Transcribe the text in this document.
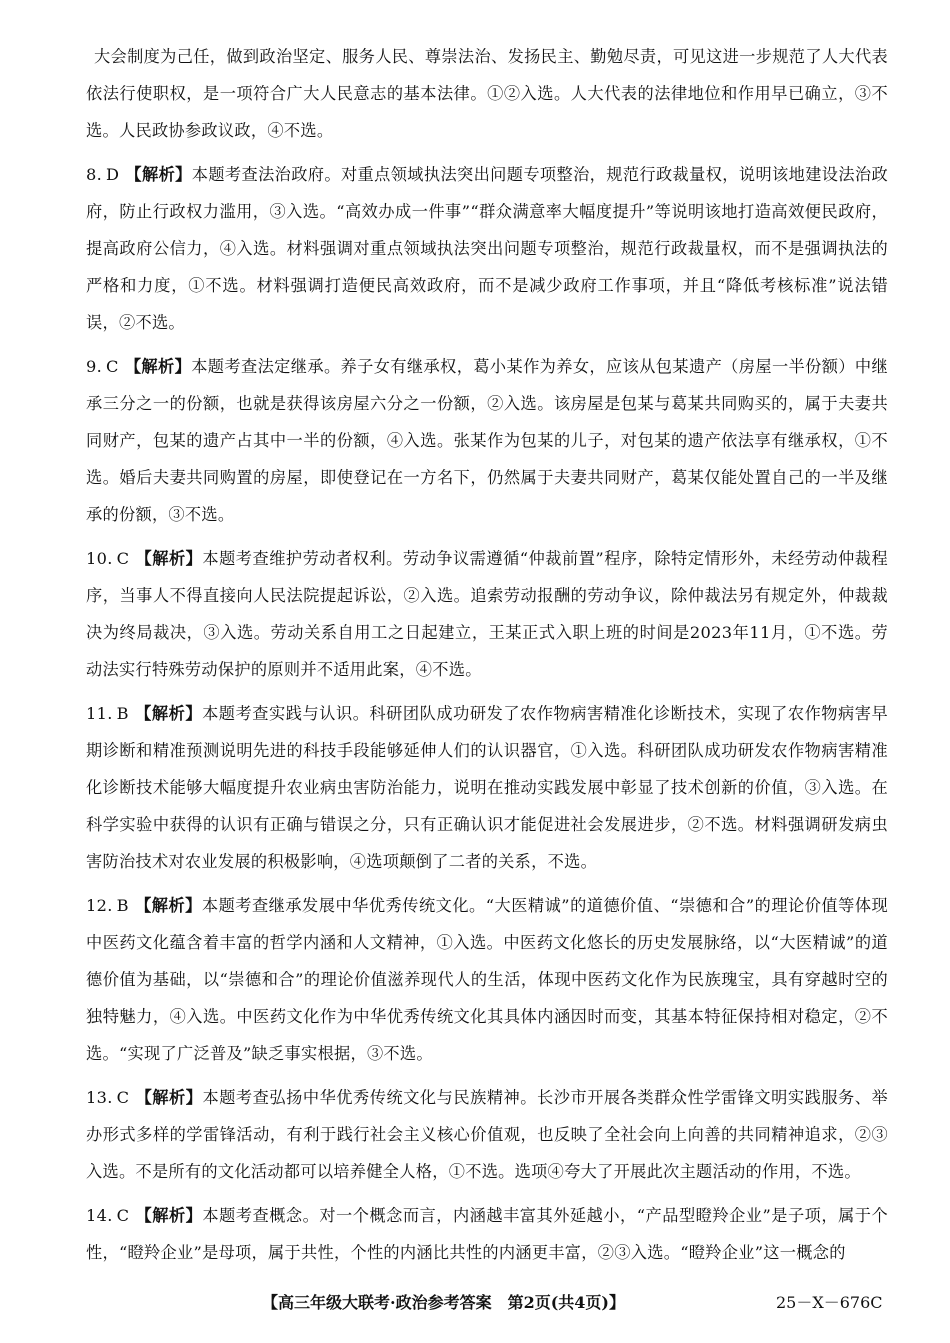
大会制度为己任，做到政治坚定、服务人民、尊崇法治、发扬民主、勤勉尽责，可见这进一步规范了人大代表依法行使职权，是一项符合广大人民意志的基本法律。①②入选。人大代表的法律地位和作用早已确立，③不选。人民政协参政议政，④不选。

8. D 【解析】本题考查法治政府。对重点领域执法突出问题专项整治，规范行政裁量权，说明该地建设法治政府，防止行政权力滥用，③入选。“高效办成一件事”“群众满意率大幅度提升”等说明该地打造高效便民政府，提高政府公信力，④入选。材料强调对重点领域执法突出问题专项整治，规范行政裁量权，而不是强调执法的严格和力度，①不选。材料强调打造便民高效政府，而不是减少政府工作事项，并且“降低考核标准”说法错误，②不选。

9. C 【解析】本题考查法定继承。养子女有继承权，葛小某作为养女，应该从包某遗产（房屋一半份额）中继承三分之一的份额，也就是获得该房屋六分之一份额，②入选。该房屋是包某与葛某共同购买的，属于夫妻共同财产，包某的遗产占其中一半的份额，④入选。张某作为包某的儿子，对包某的遗产依法享有继承权，①不选。婚后夫妻共同购置的房屋，即使登记在一方名下，仍然属于夫妻共同财产，葛某仅能处置自己的一半及继承的份额，③不选。

10. C 【解析】本题考查维护劳动者权利。劳动争议需遵循“仲裁前置”程序，除特定情形外，未经劳动仲裁程序，当事人不得直接向人民法院提起诉讼，②入选。追索劳动报酬的劳动争议，除仲裁法另有规定外，仲裁裁决为终局裁决，③入选。劳动关系自用工之日起建立，王某正式入职上班的时间是2023年11月，①不选。劳动法实行特殊劳动保护的原则并不适用此案，④不选。

11. B 【解析】本题考查实践与认识。科研团队成功研发了农作物病害精准化诊断技术，实现了农作物病害早期诊断和精准预测说明先进的科技手段能够延伸人们的认识器官，①入选。科研团队成功研发农作物病害精准化诊断技术能够大幅度提升农业病虫害防治能力，说明在推动实践发展中彰显了技术创新的价值，③入选。在科学实验中获得的认识有正确与错误之分，只有正确认识才能促进社会发展进步，②不选。材料强调研发病虫害防治技术对农业发展的积极影响，④选项颠倒了二者的关系，不选。

12. B 【解析】本题考查继承发展中华优秀传统文化。“大医精诚”的道德价值、“崇德和合”的理论价值等体现中医药文化蕴含着丰富的哲学内涵和人文精神，①入选。中医药文化悠长的历史发展脉络，以“大医精诚”的道德价值为基础，以“崇德和合”的理论价值滋养现代人的生活，体现中医药文化作为民族瑰宝，具有穿越时空的独特魅力，④入选。中医药文化作为中华优秀传统文化其具体内涵因时而变，其基本特征保持相对稳定，②不选。“实现了广泛普及”缺乏事实根据，③不选。

13. C 【解析】本题考查弘扬中华优秀传统文化与民族精神。长沙市开展各类群众性学雷锋文明实践服务、举办形式多样的学雷锋活动，有利于践行社会主义核心价值观，也反映了全社会向上向善的共同精神追求，②③入选。不是所有的文化活动都可以培养健全人格，①不选。选项④夸大了开展此次主题活动的作用，不选。

14. C 【解析】本题考查概念。对一个概念而言，内涵越丰富其外延越小，“产品型瞪羚企业”是子项，属于个性，“瞪羚企业”是母项，属于共性，个性的内涵比共性的内涵更丰富，②③入选。“瞪羚企业”这一概念的

【高三年级大联考·政治参考答案　第2页(共4页)】	25－X－676C
